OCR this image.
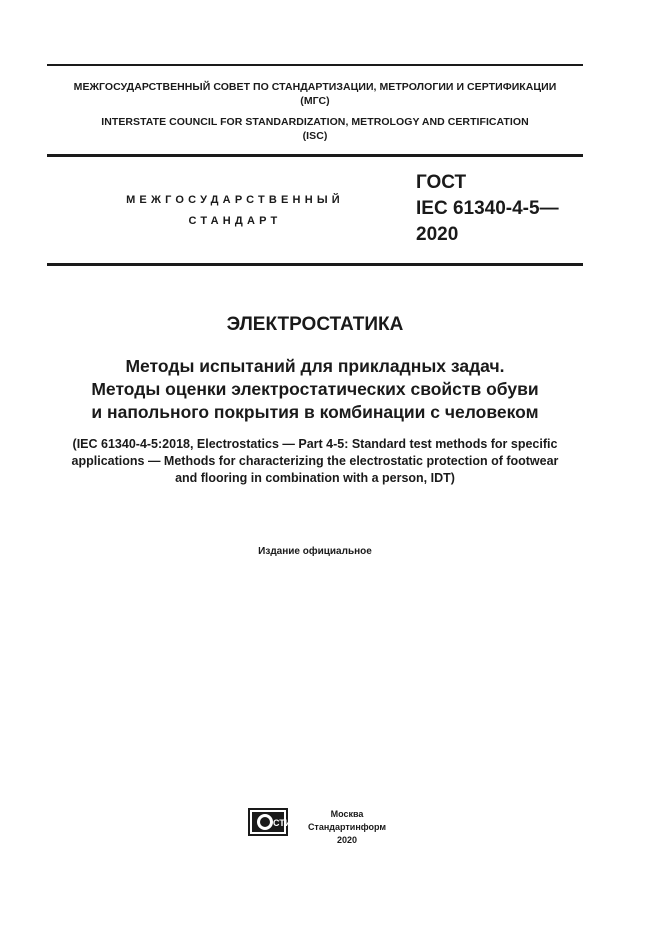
МЕЖГОСУДАРСТВЕННЫЙ СОВЕТ ПО СТАНДАРТИЗАЦИИ, МЕТРОЛОГИИ И СЕРТИФИКАЦИИ
(МГС)
INTERSTATE COUNCIL FOR STANDARDIZATION, METROLOGY AND CERTIFICATION
(ISC)
МЕЖГОСУДАРСТВЕННЫЙ
СТАНДАРТ
ГОСТ
IEC 61340-4-5—
2020
ЭЛЕКТРОСТАТИКА
Методы испытаний для прикладных задач.
Методы оценки электростатических свойств обуви
и напольного покрытия в комбинации с человеком
(IEC 61340-4-5:2018, Electrostatics — Part 4-5: Standard test methods for specific
applications — Methods for characterizing the electrostatic protection of footwear
and flooring in combination with a person, IDT)
Издание официальное
СТИ
Москва
Стандартинформ
2020
